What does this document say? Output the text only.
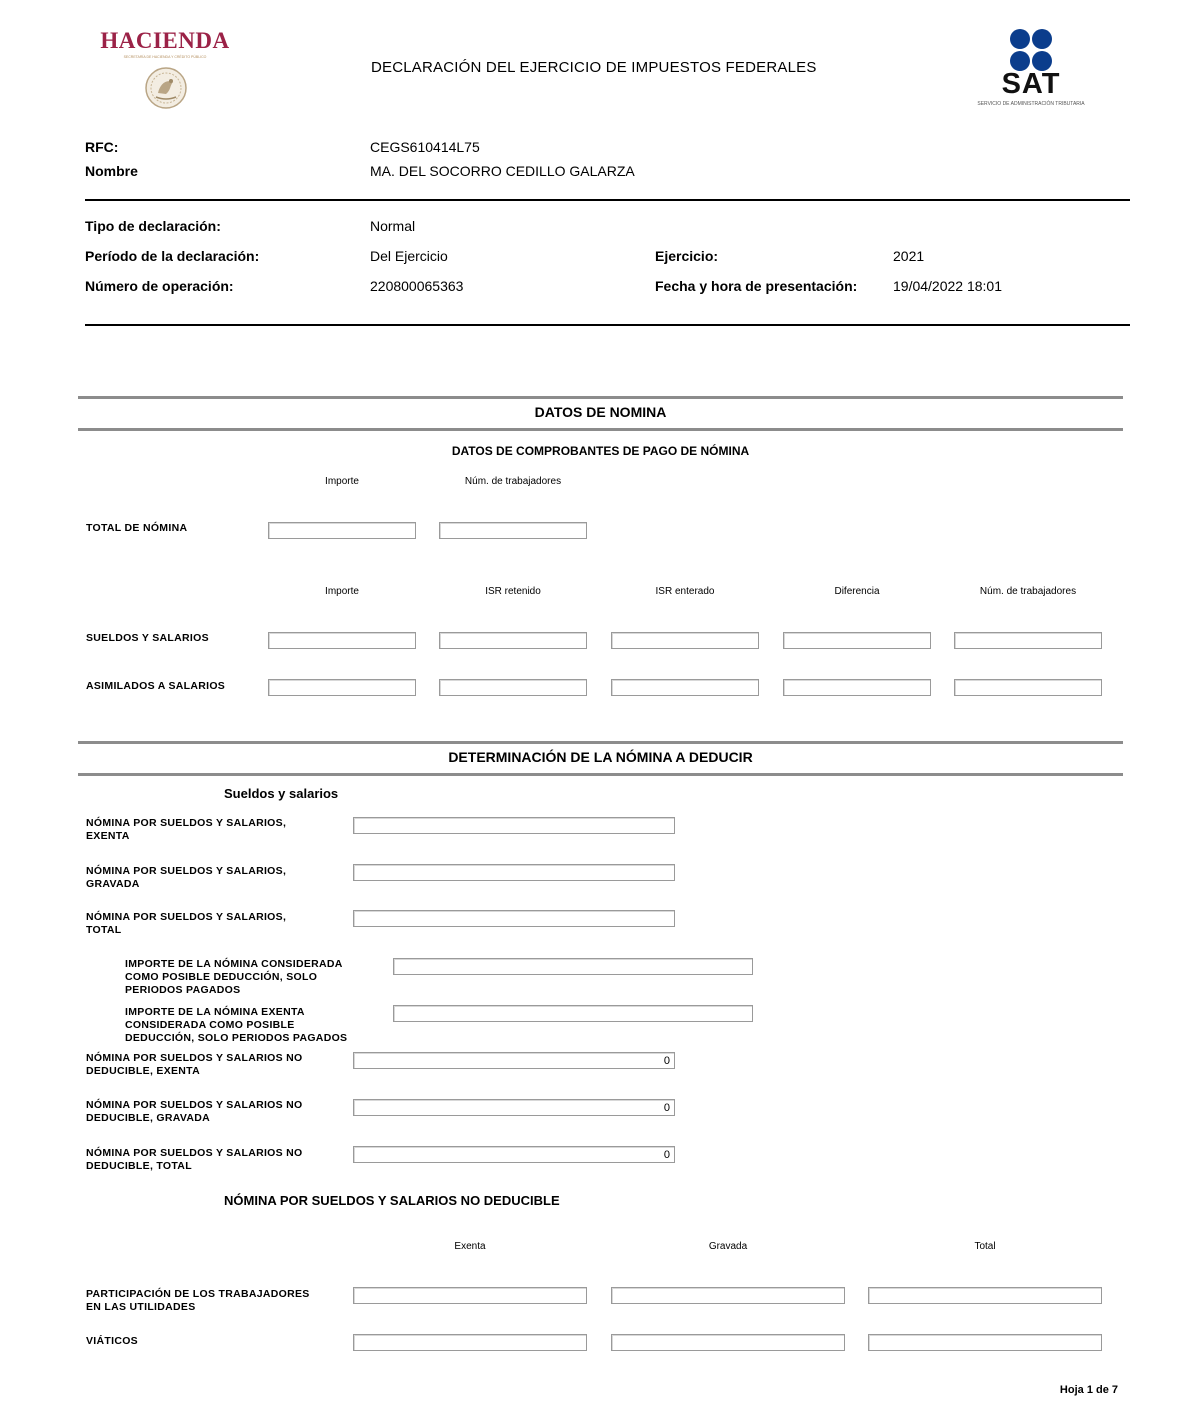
HACIENDA
SECRETARÍA DE HACIENDA Y CRÉDITO PÚBLICO
DECLARACIÓN DEL EJERCICIO DE IMPUESTOS FEDERALES
SAT
SERVICIO DE ADMINISTRACIÓN TRIBUTARIA
RFC:	CEGS610414L75
Nombre	MA. DEL SOCORRO CEDILLO GALARZA
Tipo de declaración:	Normal
Período de la declaración:	Del Ejercicio	Ejercicio:	2021
Número de operación:	220800065363	Fecha y hora de presentación:	19/04/2022 18:01
DATOS DE NOMINA
DATOS DE COMPROBANTES DE PAGO DE NÓMINA
Importe	Núm. de trabajadores
TOTAL DE NÓMINA
Importe	ISR retenido	ISR enterado	Diferencia	Núm. de trabajadores
SUELDOS Y SALARIOS
ASIMILADOS A SALARIOS
DETERMINACIÓN DE LA NÓMINA A DEDUCIR
Sueldos y salarios
NÓMINA POR SUELDOS Y SALARIOS,
EXENTA
NÓMINA POR SUELDOS Y SALARIOS,
GRAVADA
NÓMINA POR SUELDOS Y SALARIOS,
TOTAL
IMPORTE DE LA NÓMINA CONSIDERADA
COMO POSIBLE DEDUCCIÓN, SOLO
PERIODOS PAGADOS
IMPORTE DE LA NÓMINA EXENTA
CONSIDERADA COMO POSIBLE
DEDUCCIÓN, SOLO PERIODOS PAGADOS
NÓMINA POR SUELDOS Y SALARIOS NO
DEDUCIBLE, EXENTA
0
NÓMINA POR SUELDOS Y SALARIOS NO
DEDUCIBLE, GRAVADA
0
NÓMINA POR SUELDOS Y SALARIOS NO
DEDUCIBLE, TOTAL
0
NÓMINA POR SUELDOS Y SALARIOS NO DEDUCIBLE
Exenta	Gravada	Total
PARTICIPACIÓN DE LOS TRABAJADORES
EN LAS UTILIDADES
VIÁTICOS
Hoja 1 de 7
